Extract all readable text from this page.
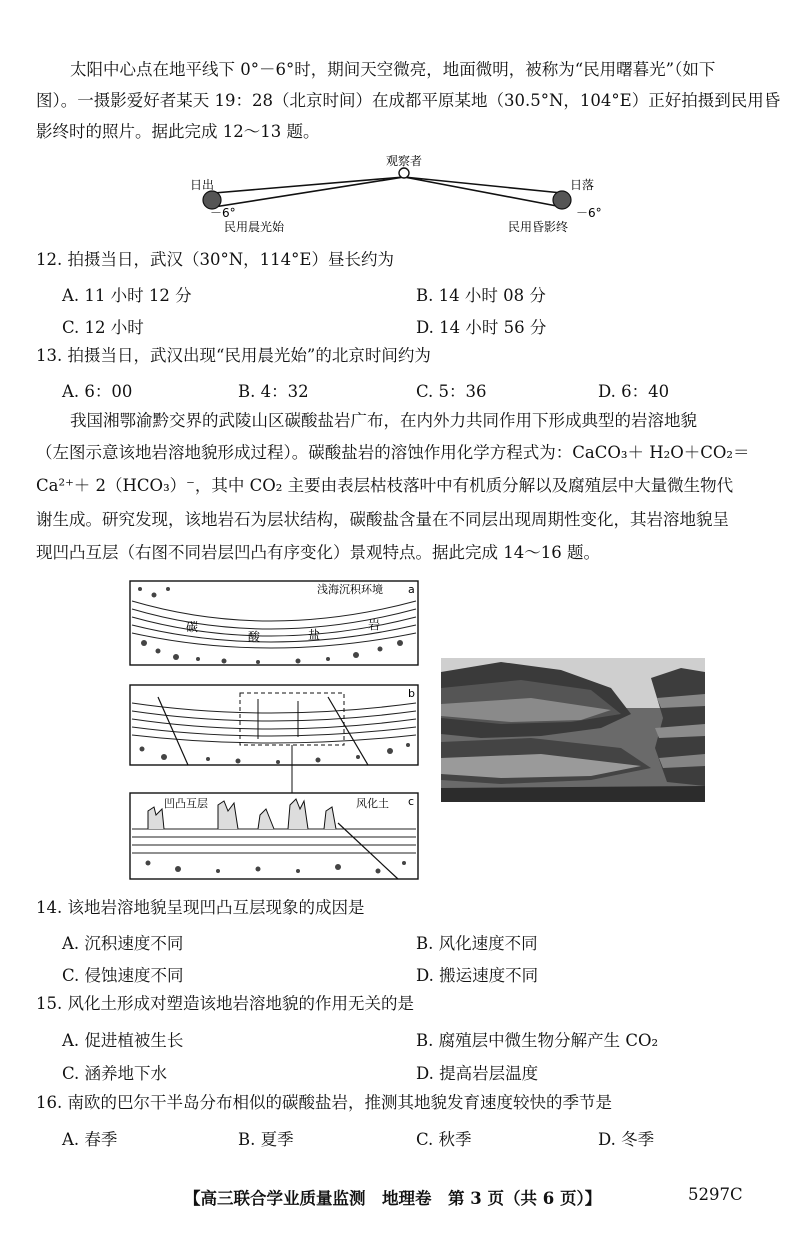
太阳中心点在地平线下 0°－6°时，期间天空微亮，地面微明，被称为“民用曙暮光”（如下
图）。一摄影爱好者某天 19：28（北京时间）在成都平原某地（30.5°N，104°E）正好拍摄到民用昏
影终时的照片。据此完成 12～13 题。
观察者
日出	日落
－6°	－6°
民用晨光始	民用昏影终
12. 拍摄当日，武汉（30°N，114°E）昼长约为
A. 11 小时 12 分	B. 14 小时 08 分
C. 12 小时	D. 14 小时 56 分
13. 拍摄当日，武汉出现“民用晨光始”的北京时间约为
A. 6：00	B. 4：32	C. 5：36	D. 6：40
我国湘鄂渝黔交界的武陵山区碳酸盐岩广布，在内外力共同作用下形成典型的岩溶地貌
（左图示意该地岩溶地貌形成过程）。碳酸盐岩的溶蚀作用化学方程式为：CaCO₃＋ H₂O＋CO₂＝
Ca²⁺＋ 2（HCO₃）⁻，其中 CO₂ 主要由表层枯枝落叶中有机质分解以及腐殖层中大量微生物代
谢生成。研究发现，该地岩石为层状结构，碳酸盐含量在不同层出现周期性变化，其岩溶地貌呈
现凹凸互层（右图不同岩层凹凸有序变化）景观特点。据此完成 14～16 题。
浅海沉积环境 a
碳
酸	盐
岩
b
凹凸互层	风化土 c
14. 该地岩溶地貌呈现凹凸互层现象的成因是
A. 沉积速度不同	B. 风化速度不同
C. 侵蚀速度不同	D. 搬运速度不同
15. 风化土形成对塑造该地岩溶地貌的作用无关的是
A. 促进植被生长	B. 腐殖层中微生物分解产生 CO₂
C. 涵养地下水	D. 提高岩层温度
16. 南欧的巴尔干半岛分布相似的碳酸盐岩，推测其地貌发育速度较快的季节是
A. 春季	B. 夏季	C. 秋季	D. 冬季
【高三联合学业质量监测　地理卷　第 3 页（共 6 页）】	5297C
